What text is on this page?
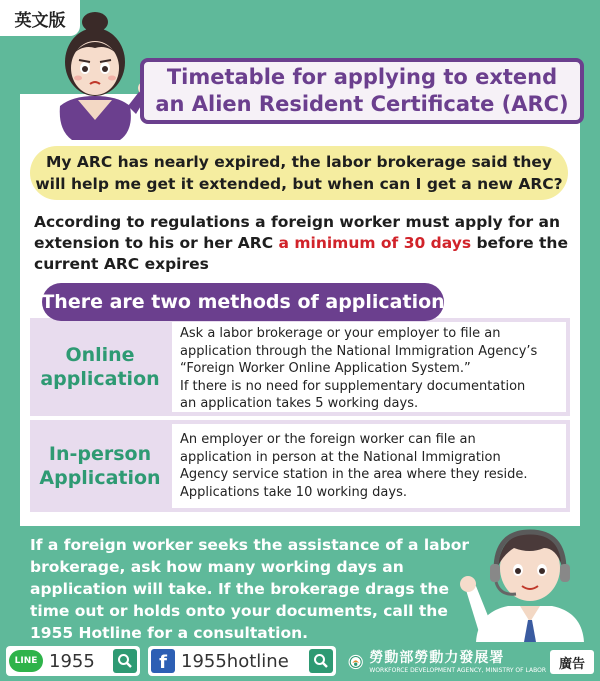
英文版
Timetable for applying to extend
an Alien Resident Certificate (ARC)
My ARC has nearly expired, the labor brokerage said they
will help me get it extended, but when can I get a new ARC?
According to regulations a foreign worker must apply for an extension to his or her ARC a minimum of 30 days before the current ARC expires
Online
application
Ask a labor brokerage or your employer to file an
application through the National Immigration Agency’s
“Foreign Worker Online Application System.”
If there is no need for supplementary documentation
an application takes 5 working days.
In-person
Application
An employer or the foreign worker can file an
application in person at the National Immigration
Agency service station in the area where they reside.
Applications take 10 working days.
There are two methods of application
If a foreign worker seeks the assistance of a labor
brokerage, ask how many working days an
application will take. If the brokerage drags the
time out or holds onto your documents, call the
1955 Hotline for a consultation.
LINE 1955	f 1955hotline	勞動部勞動力發展署
WORKFORCE DEVELOPMENT AGENCY, MINISTRY OF LABOR 廣告
